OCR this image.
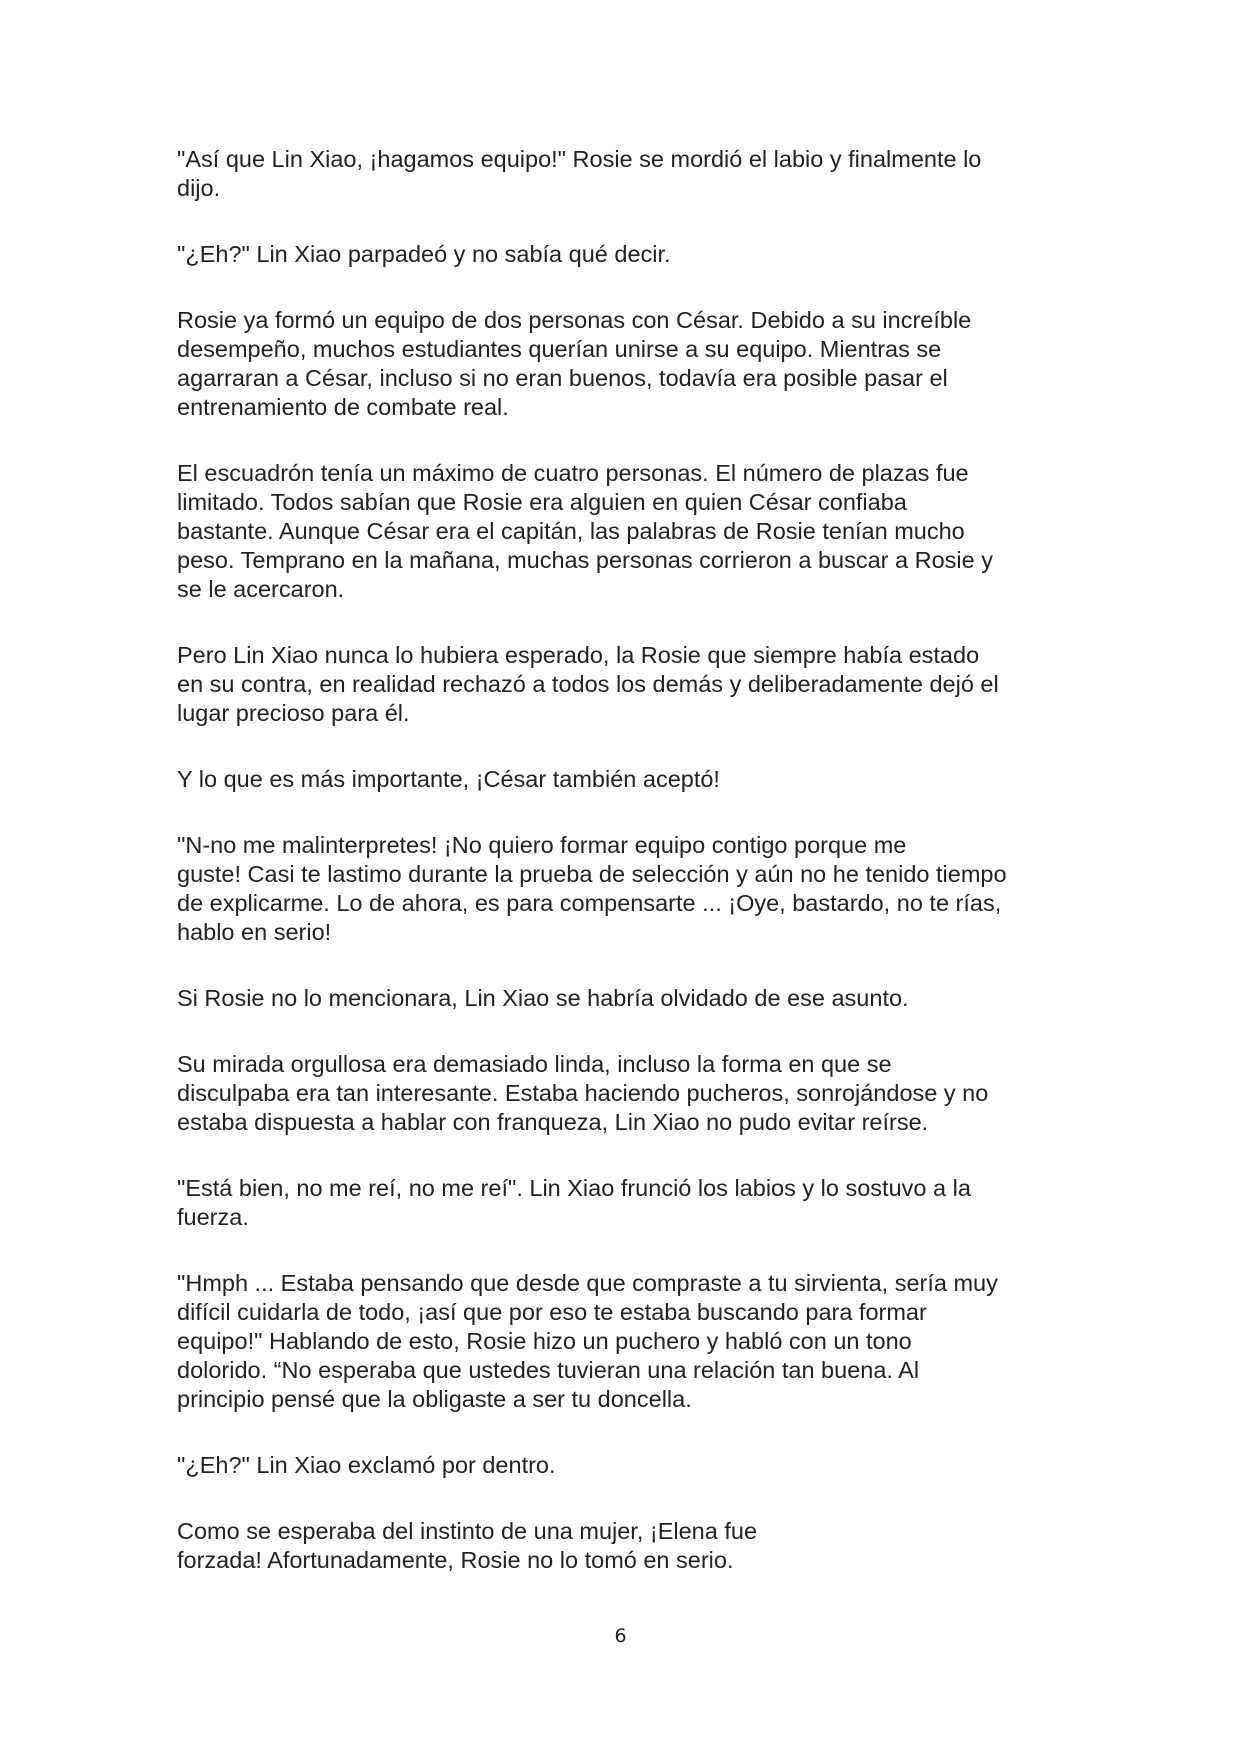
"Así que Lin Xiao, ¡hagamos equipo!" Rosie se mordió el labio y finalmente lo
dijo.

"¿Eh?" Lin Xiao parpadeó y no sabía qué decir.

Rosie ya formó un equipo de dos personas con César. Debido a su increíble
desempeño, muchos estudiantes querían unirse a su equipo. Mientras se
agarraran a César, incluso si no eran buenos, todavía era posible pasar el
entrenamiento de combate real.

El escuadrón tenía un máximo de cuatro personas. El número de plazas fue
limitado. Todos sabían que Rosie era alguien en quien César confiaba
bastante. Aunque César era el capitán, las palabras de Rosie tenían mucho
peso. Temprano en la mañana, muchas personas corrieron a buscar a Rosie y
se le acercaron.

Pero Lin Xiao nunca lo hubiera esperado, la Rosie que siempre había estado
en su contra, en realidad rechazó a todos los demás y deliberadamente dejó el
lugar precioso para él.

Y lo que es más importante, ¡César también aceptó!

"N-no me malinterpretes! ¡No quiero formar equipo contigo porque me
guste! Casi te lastimo durante la prueba de selección y aún no he tenido tiempo
de explicarme. Lo de ahora, es para compensarte ... ¡Oye, bastardo, no te rías,
hablo en serio!

Si Rosie no lo mencionara, Lin Xiao se habría olvidado de ese asunto.

Su mirada orgullosa era demasiado linda, incluso la forma en que se
disculpaba era tan interesante. Estaba haciendo pucheros, sonrojándose y no
estaba dispuesta a hablar con franqueza, Lin Xiao no pudo evitar reírse.

"Está bien, no me reí, no me reí". Lin Xiao frunció los labios y lo sostuvo a la
fuerza.

"Hmph ... Estaba pensando que desde que compraste a tu sirvienta, sería muy
difícil cuidarla de todo, ¡así que por eso te estaba buscando para formar
equipo!" Hablando de esto, Rosie hizo un puchero y habló con un tono
dolorido. “No esperaba que ustedes tuvieran una relación tan buena. Al
principio pensé que la obligaste a ser tu doncella.

"¿Eh?" Lin Xiao exclamó por dentro.

Como se esperaba del instinto de una mujer, ¡Elena fue
forzada! Afortunadamente, Rosie no lo tomó en serio.

6
